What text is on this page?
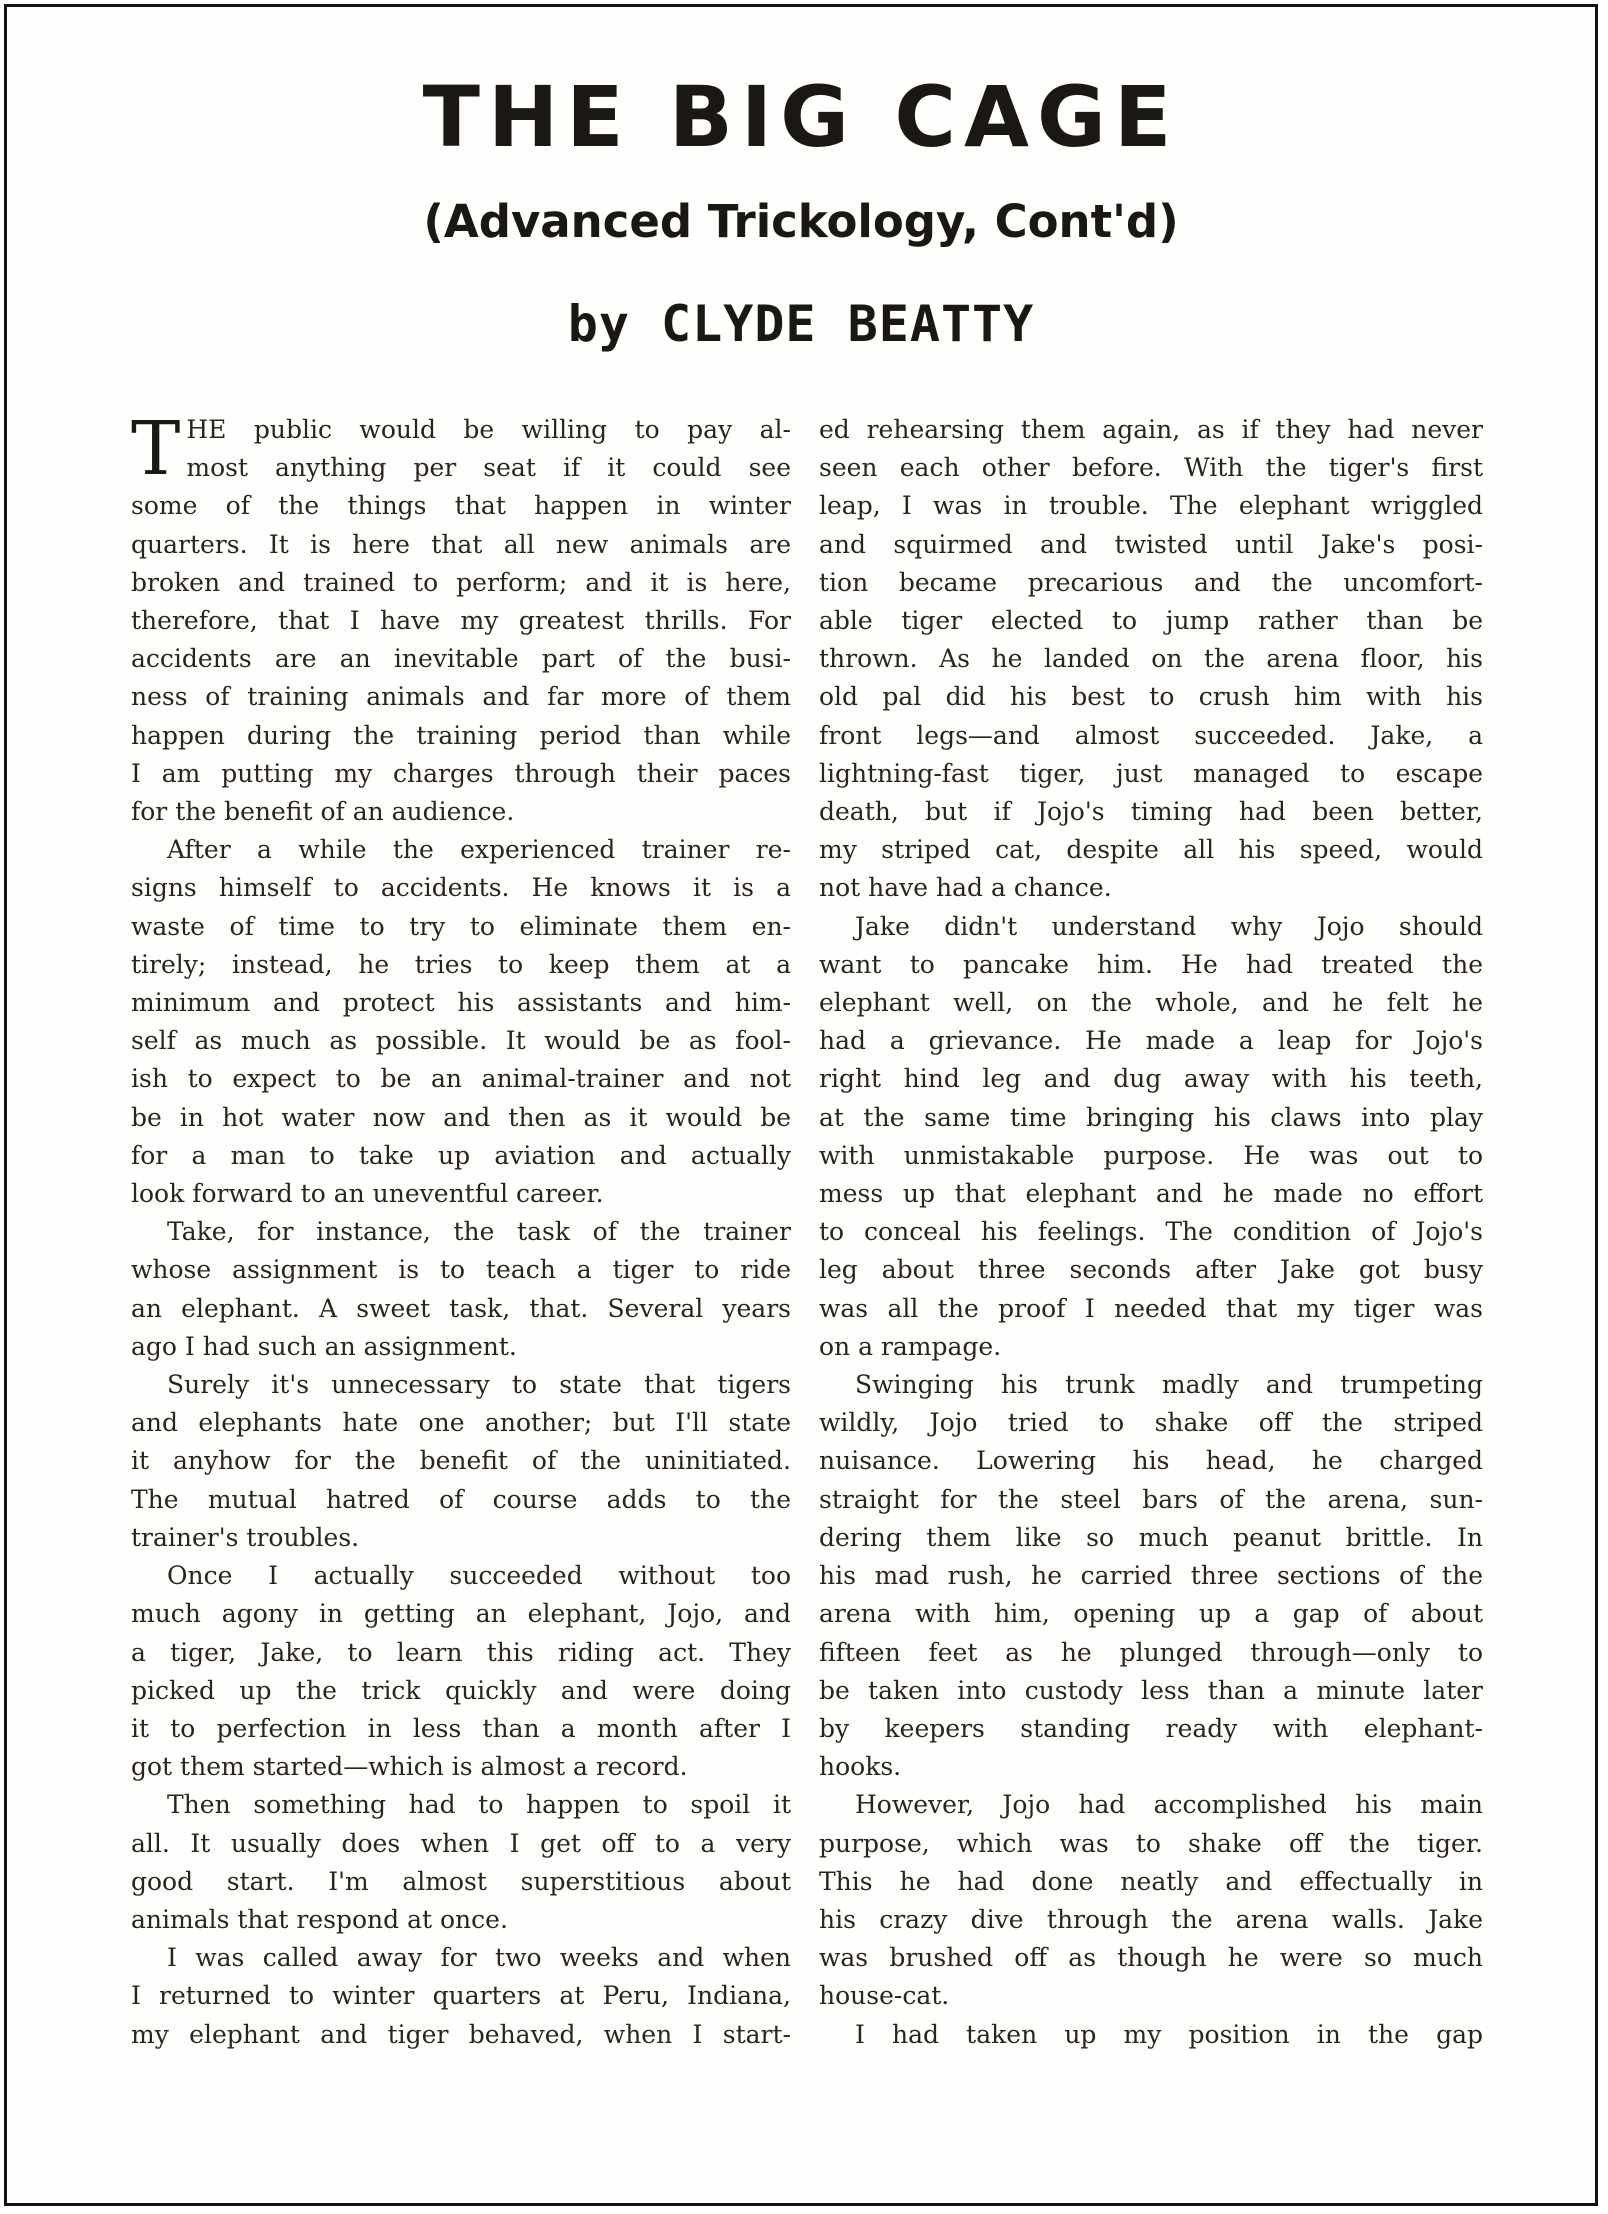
THE BIG CAGE
(Advanced Trickology, Cont'd)
by CLYDE BEATTY
T HE public would be willing to pay al-
most anything per seat if it could see
some of the things that happen in winter
quarters. It is here that all new animals are
broken and trained to perform; and it is here,
therefore, that I have my greatest thrills. For
accidents are an inevitable part of the busi-
ness of training animals and far more of them
happen during the training period than while
I am putting my charges through their paces
for the benefit of an audience.
After a while the experienced trainer re-
signs himself to accidents. He knows it is a
waste of time to try to eliminate them en-
tirely; instead, he tries to keep them at a
minimum and protect his assistants and him-
self as much as possible. It would be as fool-
ish to expect to be an animal-trainer and not
be in hot water now and then as it would be
for a man to take up aviation and actually
look forward to an uneventful career.
Take, for instance, the task of the trainer
whose assignment is to teach a tiger to ride
an elephant. A sweet task, that. Several years
ago I had such an assignment.
Surely it's unnecessary to state that tigers
and elephants hate one another; but I'll state
it anyhow for the benefit of the uninitiated.
The mutual hatred of course adds to the
trainer's troubles.
Once I actually succeeded without too
much agony in getting an elephant, Jojo, and
a tiger, Jake, to learn this riding act. They
picked up the trick quickly and were doing
it to perfection in less than a month after I
got them started—which is almost a record.
Then something had to happen to spoil it
all. It usually does when I get off to a very
good start. I'm almost superstitious about
animals that respond at once.
I was called away for two weeks and when
I returned to winter quarters at Peru, Indiana,
my elephant and tiger behaved, when I start-
ed rehearsing them again, as if they had never
seen each other before. With the tiger's first
leap, I was in trouble. The elephant wriggled
and squirmed and twisted until Jake's posi-
tion became precarious and the uncomfort-
able tiger elected to jump rather than be
thrown. As he landed on the arena floor, his
old pal did his best to crush him with his
front legs—and almost succeeded. Jake, a
lightning-fast tiger, just managed to escape
death, but if Jojo's timing had been better,
my striped cat, despite all his speed, would
not have had a chance.
Jake didn't understand why Jojo should
want to pancake him. He had treated the
elephant well, on the whole, and he felt he
had a grievance. He made a leap for Jojo's
right hind leg and dug away with his teeth,
at the same time bringing his claws into play
with unmistakable purpose. He was out to
mess up that elephant and he made no effort
to conceal his feelings. The condition of Jojo's
leg about three seconds after Jake got busy
was all the proof I needed that my tiger was
on a rampage.
Swinging his trunk madly and trumpeting
wildly, Jojo tried to shake off the striped
nuisance. Lowering his head, he charged
straight for the steel bars of the arena, sun-
dering them like so much peanut brittle. In
his mad rush, he carried three sections of the
arena with him, opening up a gap of about
fifteen feet as he plunged through—only to
be taken into custody less than a minute later
by keepers standing ready with elephant-
hooks.
However, Jojo had accomplished his main
purpose, which was to shake off the tiger.
This he had done neatly and effectually in
his crazy dive through the arena walls. Jake
was brushed off as though he were so much
house-cat.
I had taken up my position in the gap
